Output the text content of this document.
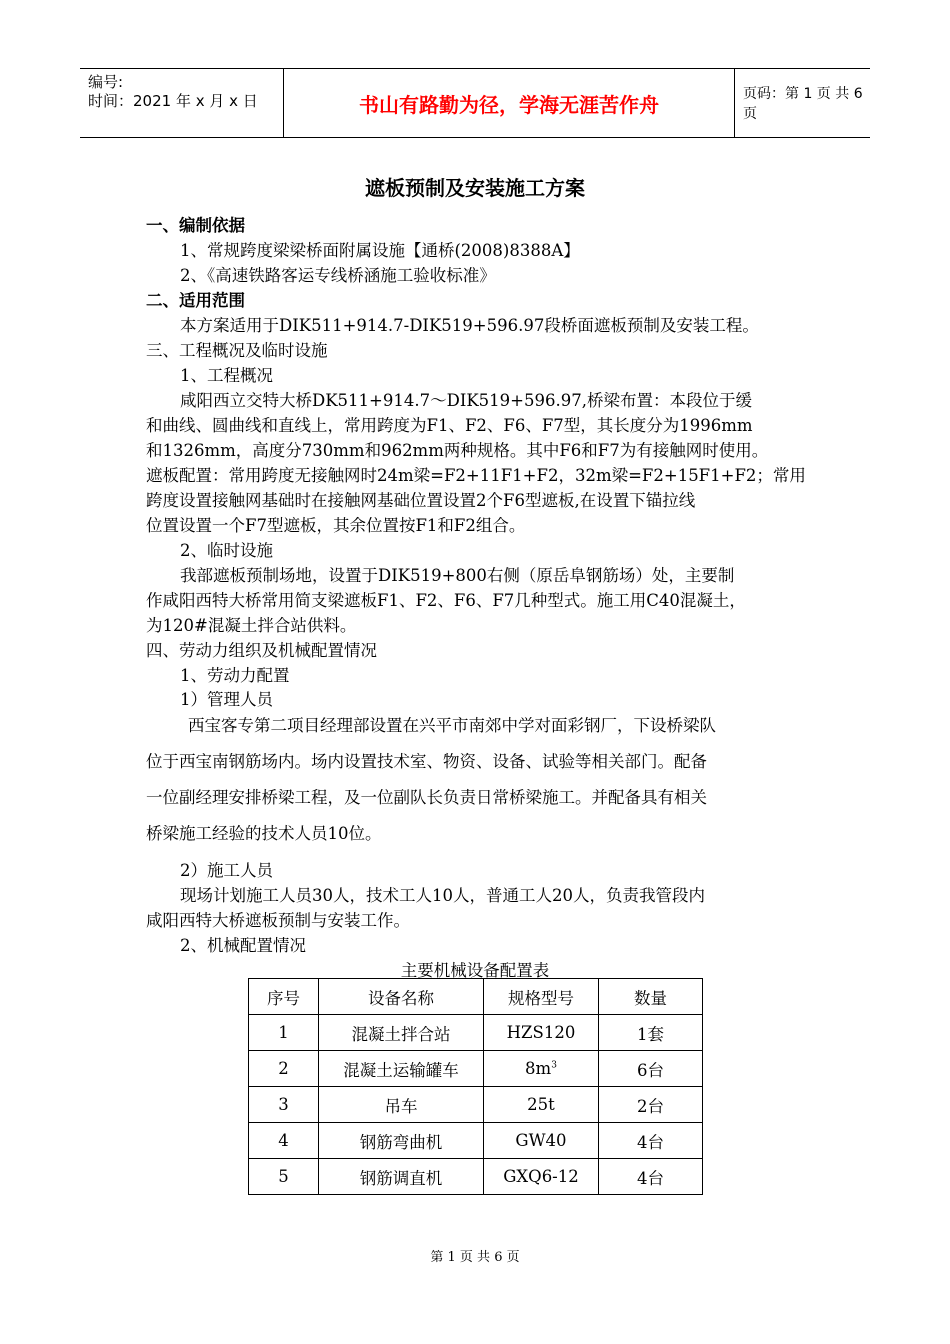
编号:
时间：2021 年 x 月 x 日	书山有路勤为径，学海无涯苦作舟	页码：第 1 页 共 6 页
遮板预制及安装施工方案
一、编制依据
1、常规跨度梁梁桥面附属设施【通桥(2008)8388A】
2、《高速铁路客运专线桥涵施工验收标准》
二、适用范围
本方案适用于DIK511+914.7-DIK519+596.97段桥面遮板预制及安装工程。
三、工程概况及临时设施
1、工程概况
咸阳西立交特大桥DK511+914.7～DIK519+596.97,桥梁布置：本段位于缓
和曲线、圆曲线和直线上，常用跨度为F1、F2、F6、F7型，其长度分为1996mm
和1326mm，高度分730mm和962mm两种规格。其中F6和F7为有接触网时使用。
遮板配置：常用跨度无接触网时24m梁=F2+11F1+F2，32m梁=F2+15F1+F2；常用
跨度设置接触网基础时在接触网基础位置设置2个F6型遮板,在设置下锚拉线
位置设置一个F7型遮板，其余位置按F1和F2组合。
2、临时设施
我部遮板预制场地，设置于DIK519+800右侧（原岳阜钢筋场）处，主要制
作咸阳西特大桥常用简支梁遮板F1、F2、F6、F7几种型式。施工用C40混凝土，
为120#混凝土拌合站供料。
四、劳动力组织及机械配置情况
1、劳动力配置
1）管理人员
西宝客专第二项目经理部设置在兴平市南郊中学对面彩钢厂，下设桥梁队
位于西宝南钢筋场内。场内设置技术室、物资、设备、试验等相关部门。配备
一位副经理安排桥梁工程，及一位副队长负责日常桥梁施工。并配备具有相关
桥梁施工经验的技术人员10位。
2）施工人员
现场计划施工人员30人，技术工人10人，普通工人20人，负责我管段内
咸阳西特大桥遮板预制与安装工作。
2、机械配置情况
主要机械设备配置表
序号	设备名称	规格型号	数量
1	混凝土拌合站	HZS120	1套
2	混凝土运输罐车	$8m^3$	6台
3	吊车	25t	2台
4	钢筋弯曲机	GW40	4台
5	钢筋调直机	GXQ6-12	4台
第 1 页 共 6 页
